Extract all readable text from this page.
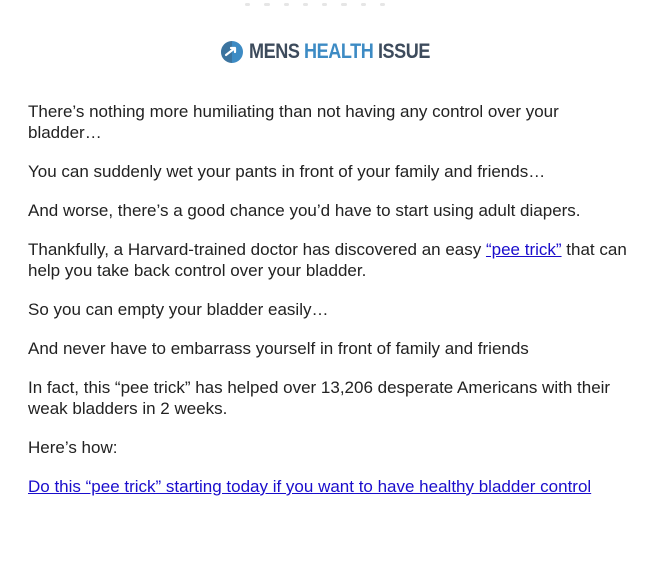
MENS HEALTH ISSUE

There’s nothing more humiliating than not having any control over your bladder…

You can suddenly wet your pants in front of your family and friends…

And worse, there’s a good chance you’d have to start using adult diapers.

Thankfully, a Harvard-trained doctor has discovered an easy “pee trick” that can help you take back control over your bladder.

So you can empty your bladder easily…

And never have to embarrass yourself in front of family and friends

In fact, this “pee trick” has helped over 13,206 desperate Americans with their weak bladders in 2 weeks.

Here’s how:

Do this “pee trick” starting today if you want to have healthy bladder control
